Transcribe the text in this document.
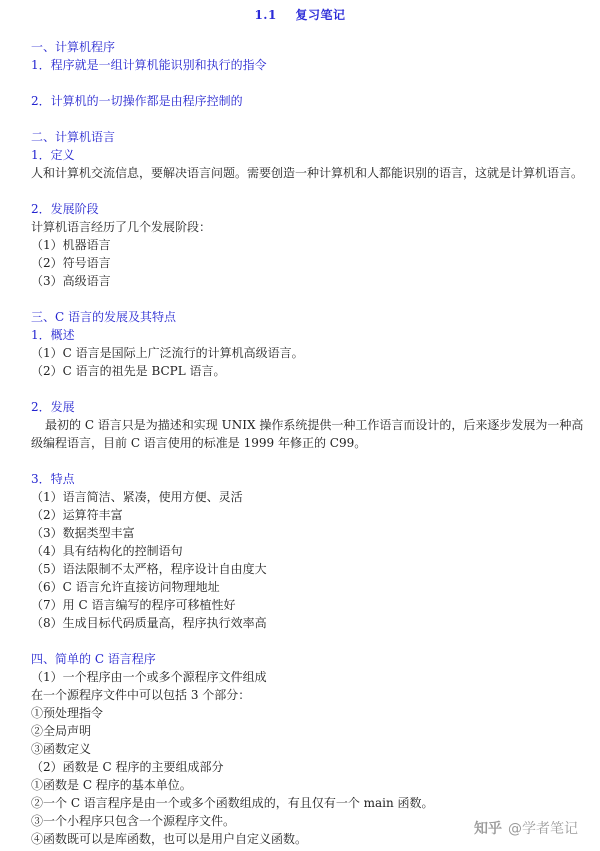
1.1 复习笔记
一、计算机程序
1．程序就是一组计算机能识别和执行的指令
2．计算机的一切操作都是由程序控制的
二、计算机语言
1．定义
人和计算机交流信息，要解决语言问题。需要创造一种计算机和人都能识别的语言，这就是计算机语言。
2．发展阶段
计算机语言经历了几个发展阶段：
（1）机器语言
（2）符号语言
（3）高级语言
三、C 语言的发展及其特点
1．概述
（1）C 语言是国际上广泛流行的计算机高级语言。
（2）C 语言的祖先是 BCPL 语言。
2．发展
最初的 C 语言只是为描述和实现 UNIX 操作系统提供一种工作语言而设计的，后来逐步发展为一种高级编程语言，目前 C 语言使用的标准是 1999 年修正的 C99。
3．特点
（1）语言简洁、紧凑，使用方便、灵活
（2）运算符丰富
（3）数据类型丰富
（4）具有结构化的控制语句
（5）语法限制不太严格，程序设计自由度大
（6）C 语言允许直接访问物理地址
（7）用 C 语言编写的程序可移植性好
（8）生成目标代码质量高，程序执行效率高
四、简单的 C 语言程序
（1）一个程序由一个或多个源程序文件组成
在一个源程序文件中可以包括 3 个部分：
①预处理指令
②全局声明
③函数定义
（2）函数是 C 程序的主要组成部分
①函数是 C 程序的基本单位。
②一个 C 语言程序是由一个或多个函数组成的，有且仅有一个 main 函数。
③一个小程序只包含一个源程序文件。
④函数既可以是库函数，也可以是用户自定义函数。
知乎 @学者笔记
